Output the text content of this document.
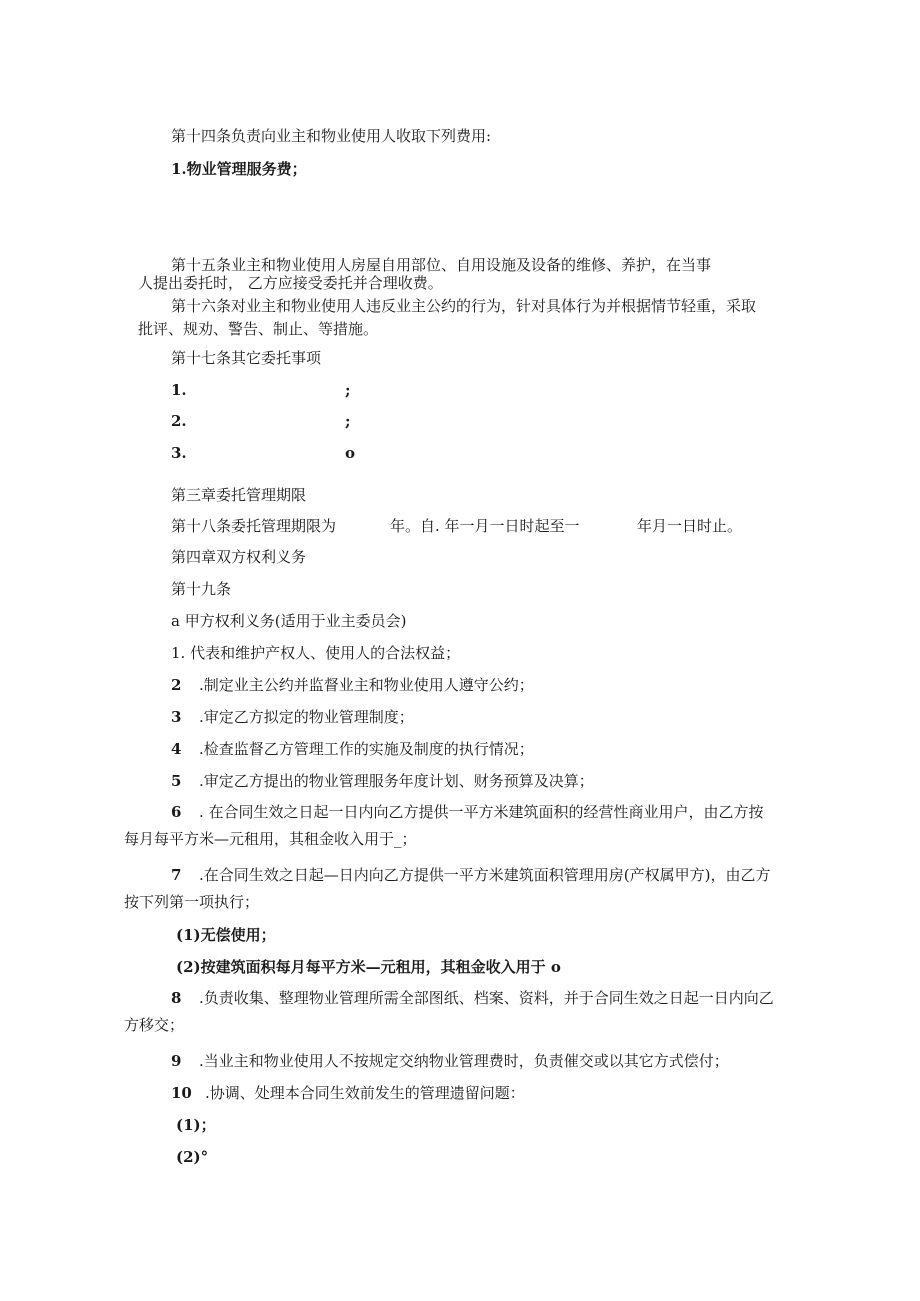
第十四条负责向业主和物业使用人收取下列费用:

1.物业管理服务费；

第十五条业主和物业使用人房屋自用部位、自用设施及设备的维修、养护，在当事

人提出委托时， 乙方应接受委托并合理收费。

第十六条对业主和物业使用人违反业主公约的行为，针对具体行为并根据情节轻重，采取

批评、规劝、警告、制止、等措施。

第十七条其它委托事项

1.	;
2.	;
3.	o

第三章委托管理期限

第十八条委托管理期限为	年。自. 年一月一日时起至一	年月一日时止。

第四章双方权利义务

第十九条

a 甲方权利义务(适用于业主委员会)

1. 代表和维护产权人、使用人的合法权益；

2 .制定业主公约并监督业主和物业使用人遵守公约；

3 .审定乙方拟定的物业管理制度；

4 .检查监督乙方管理工作的实施及制度的执行情况；

5 .审定乙方提出的物业管理服务年度计划、财务预算及决算；

6 . 在合同生效之日起一日内向乙方提供一平方米建筑面积的经营性商业用户，由乙方按

每月每平方米—元租用，其租金收入用于_；

7 .在合同生效之日起—日内向乙方提供一平方米建筑面积管理用房(产权属甲方)，由乙方

按下列第一项执行；

(1)无偿使用；

(2)按建筑面积每月每平方米—元租用，其租金收入用于 o

8 .负责收集、整理物业管理所需全部图纸、档案、资料，并于合同生效之日起一日内向乙

方移交；

9 .当业主和物业使用人不按规定交纳物业管理费时，负责催交或以其它方式偿付；

10 .协调、处理本合同生效前发生的管理遗留问题：

(1)；

(2)°
